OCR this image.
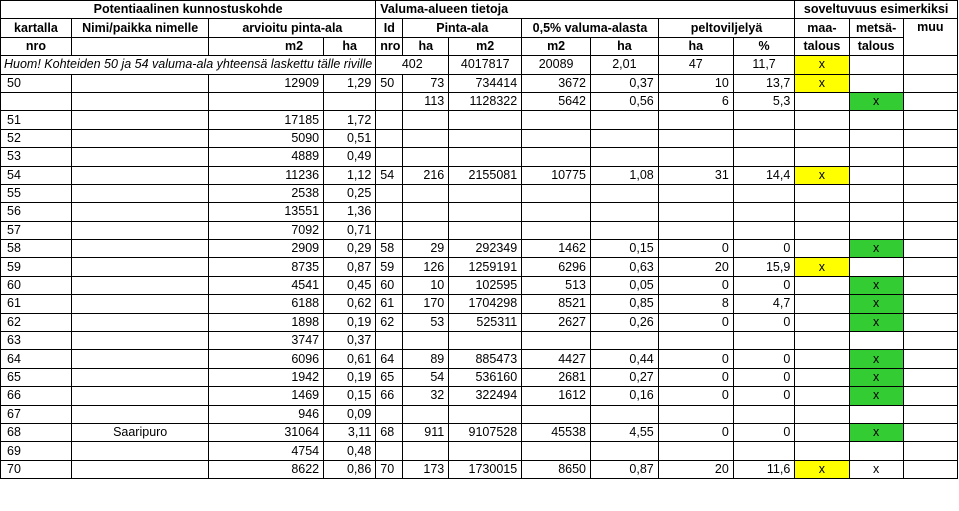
Potentiaalinen kunnostuskohde				Valuma-alueen tietoja							soveltuvuus esimerkiksi		
kartalla	Nimi/paikka nimelle	arvioitu pinta-ala		Id	Pinta-ala		0,5% valuma-alasta		peltoviljelyä		maa-	metsä-	muu
nro		m2	ha	nro	ha	m2	m2	ha	ha	%	talous	talous	
Huom! Kohteiden 50 ja 54 valuma-ala yhteensä laskettu tälle riville				402		4017817	20089	2,01	47	11,7	x		
50		12909	1,29	50	73	734414	3672	0,37	10	13,7	x		
					113	1128322	5642	0,56	6	5,3		x	
51		17185	1,72										
52		5090	0,51										
53		4889	0,49										
54		11236	1,12	54	216	2155081	10775	1,08	31	14,4	x		
55		2538	0,25										
56		13551	1,36										
57		7092	0,71										
58		2909	0,29	58	29	292349	1462	0,15	0	0		x	
59		8735	0,87	59	126	1259191	6296	0,63	20	15,9	x		
60		4541	0,45	60	10	102595	513	0,05	0	0		x	
61		6188	0,62	61	170	1704298	8521	0,85	8	4,7		x	
62		1898	0,19	62	53	525311	2627	0,26	0	0		x	
63		3747	0,37										
64		6096	0,61	64	89	885473	4427	0,44	0	0		x	
65		1942	0,19	65	54	536160	2681	0,27	0	0		x	
66		1469	0,15	66	32	322494	1612	0,16	0	0		x	
67		946	0,09										
68	Saaripuro	31064	3,11	68	911	9107528	45538	4,55	0	0		x	
69		4754	0,48										
70		8622	0,86	70	173	1730015	8650	0,87	20	11,6	x	x	
